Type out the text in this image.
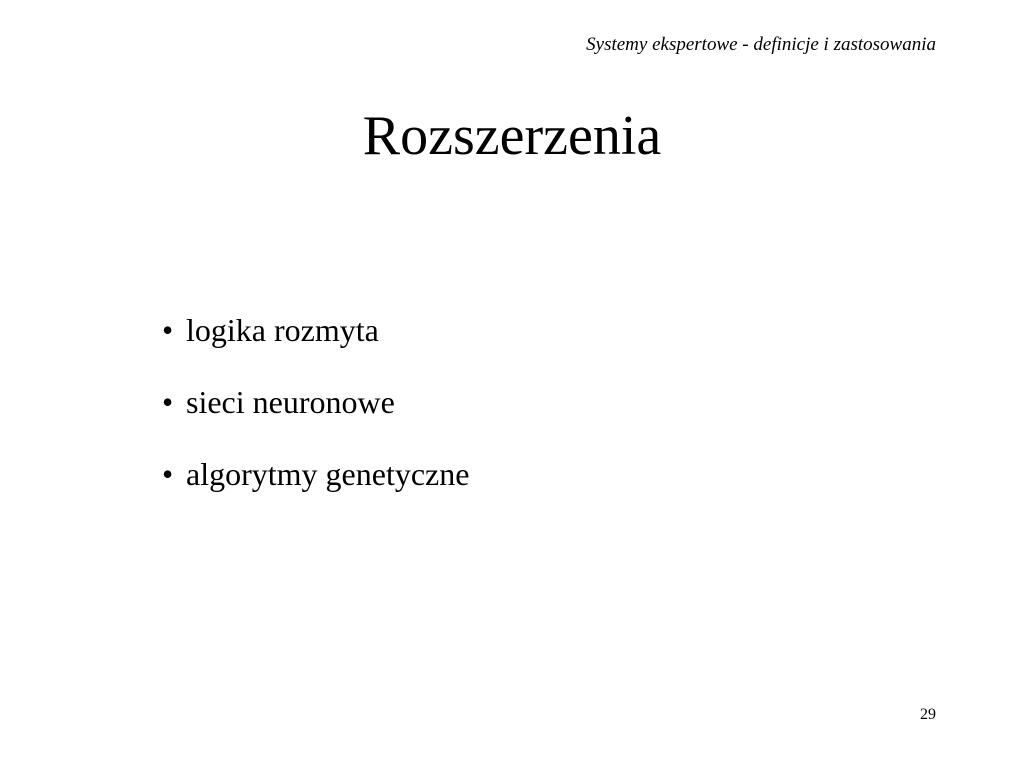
Systemy ekspertowe - definicje i zastosowania
Rozszerzenia
• logika rozmyta
• sieci neuronowe
• algorytmy genetyczne
29
